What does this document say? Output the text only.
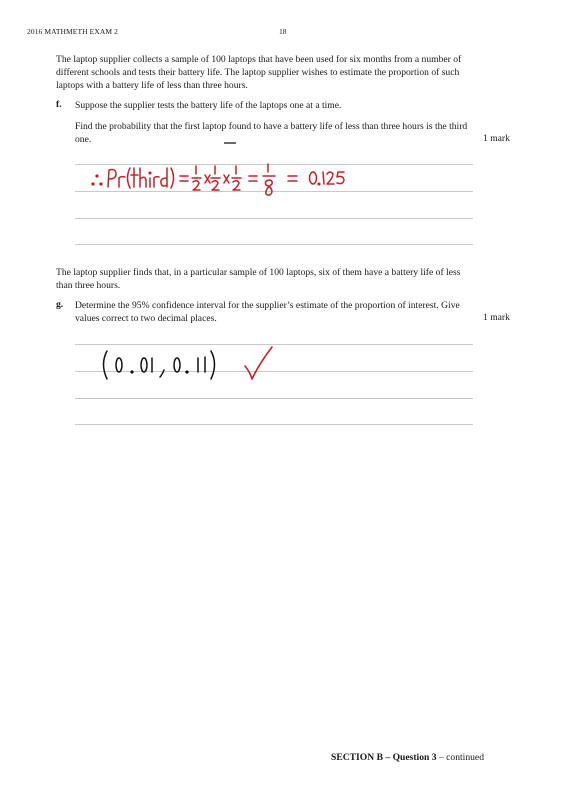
2016 MATHMETH EXAM 2	18
The laptop supplier collects a sample of 100 laptops that have been used for six months from a number of different schools and tests their battery life. The laptop supplier wishes to estimate the proportion of such laptops with a battery life of less than three hours.
f. Suppose the supplier tests the battery life of the laptops one at a time.
Find the probability that the first laptop found to have a battery life of less than three hours is the third one.	1 mark
The laptop supplier finds that, in a particular sample of 100 laptops, six of them have a battery life of less than three hours.
g. Determine the 95% confidence interval for the supplier’s estimate of the proportion of interest. Give values correct to two decimal places.	1 mark
SECTION B – Question 3 – continued
